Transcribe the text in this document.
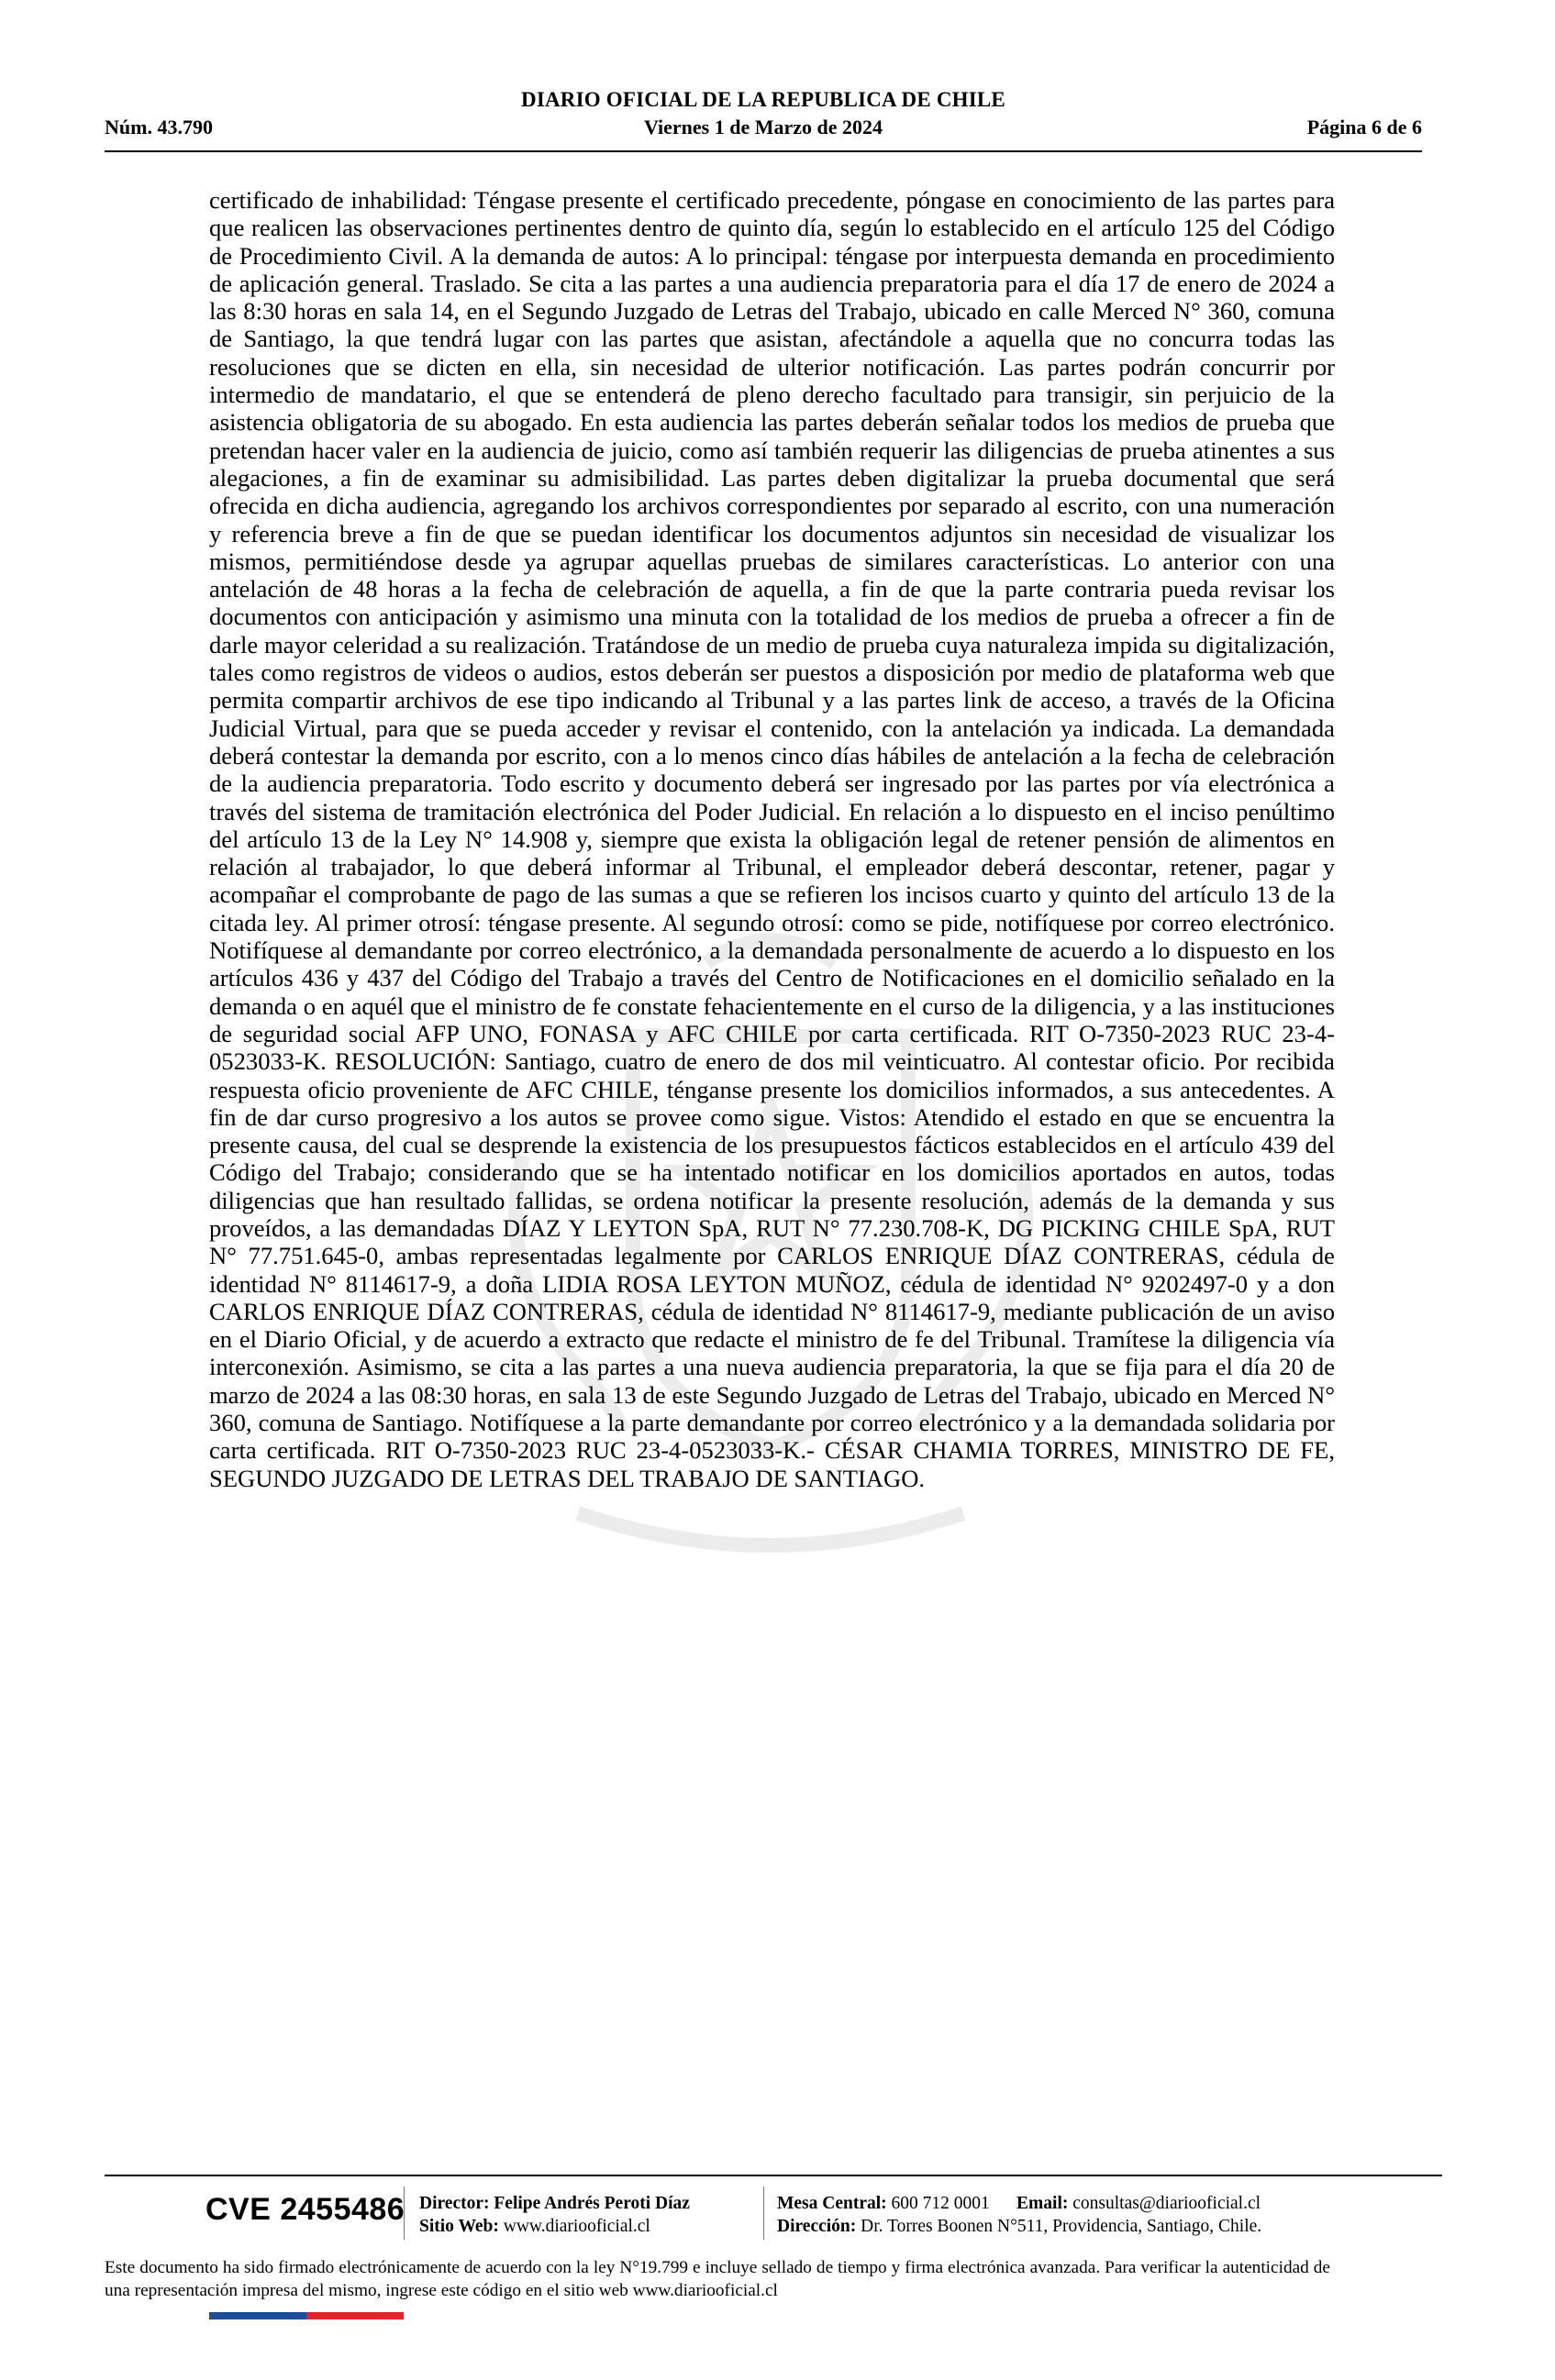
DIARIO OFICIAL DE LA REPUBLICA DE CHILE
Núm. 43.790	Viernes 1 de Marzo de 2024	Página 6 de 6

certificado de inhabilidad: Téngase presente el certificado precedente, póngase en conocimiento de las partes para que realicen las observaciones pertinentes dentro de quinto día, según lo establecido en el artículo 125 del Código de Procedimiento Civil. A la demanda de autos: A lo principal: téngase por interpuesta demanda en procedimiento de aplicación general. Traslado. Se cita a las partes a una audiencia preparatoria para el día 17 de enero de 2024 a las 8:30 horas en sala 14, en el Segundo Juzgado de Letras del Trabajo, ubicado en calle Merced N° 360, comuna de Santiago, la que tendrá lugar con las partes que asistan, afectándole a aquella que no concurra todas las resoluciones que se dicten en ella, sin necesidad de ulterior notificación. Las partes podrán concurrir por intermedio de mandatario, el que se entenderá de pleno derecho facultado para transigir, sin perjuicio de la asistencia obligatoria de su abogado. En esta audiencia las partes deberán señalar todos los medios de prueba que pretendan hacer valer en la audiencia de juicio, como así también requerir las diligencias de prueba atinentes a sus alegaciones, a fin de examinar su admisibilidad. Las partes deben digitalizar la prueba documental que será ofrecida en dicha audiencia, agregando los archivos correspondientes por separado al escrito, con una numeración y referencia breve a fin de que se puedan identificar los documentos adjuntos sin necesidad de visualizar los mismos, permitiéndose desde ya agrupar aquellas pruebas de similares características. Lo anterior con una antelación de 48 horas a la fecha de celebración de aquella, a fin de que la parte contraria pueda revisar los documentos con anticipación y asimismo una minuta con la totalidad de los medios de prueba a ofrecer a fin de darle mayor celeridad a su realización. Tratándose de un medio de prueba cuya naturaleza impida su digitalización, tales como registros de videos o audios, estos deberán ser puestos a disposición por medio de plataforma web que permita compartir archivos de ese tipo indicando al Tribunal y a las partes link de acceso, a través de la Oficina Judicial Virtual, para que se pueda acceder y revisar el contenido, con la antelación ya indicada. La demandada deberá contestar la demanda por escrito, con a lo menos cinco días hábiles de antelación a la fecha de celebración de la audiencia preparatoria. Todo escrito y documento deberá ser ingresado por las partes por vía electrónica a través del sistema de tramitación electrónica del Poder Judicial. En relación a lo dispuesto en el inciso penúltimo del artículo 13 de la Ley N° 14.908 y, siempre que exista la obligación legal de retener pensión de alimentos en relación al trabajador, lo que deberá informar al Tribunal, el empleador deberá descontar, retener, pagar y acompañar el comprobante de pago de las sumas a que se refieren los incisos cuarto y quinto del artículo 13 de la citada ley. Al primer otrosí: téngase presente. Al segundo otrosí: como se pide, notifíquese por correo electrónico. Notifíquese al demandante por correo electrónico, a la demandada personalmente de acuerdo a lo dispuesto en los artículos 436 y 437 del Código del Trabajo a través del Centro de Notificaciones en el domicilio señalado en la demanda o en aquél que el ministro de fe constate fehacientemente en el curso de la diligencia, y a las instituciones de seguridad social AFP UNO, FONASA y AFC CHILE por carta certificada. RIT O-7350-2023 RUC 23-4-0523033-K. RESOLUCIÓN: Santiago, cuatro de enero de dos mil veinticuatro. Al contestar oficio. Por recibida respuesta oficio proveniente de AFC CHILE, ténganse presente los domicilios informados, a sus antecedentes. A fin de dar curso progresivo a los autos se provee como sigue. Vistos: Atendido el estado en que se encuentra la presente causa, del cual se desprende la existencia de los presupuestos fácticos establecidos en el artículo 439 del Código del Trabajo; considerando que se ha intentado notificar en los domicilios aportados en autos, todas diligencias que han resultado fallidas, se ordena notificar la presente resolución, además de la demanda y sus proveídos, a las demandadas DÍAZ Y LEYTON SpA, RUT N° 77.230.708-K, DG PICKING CHILE SpA, RUT N° 77.751.645-0, ambas representadas legalmente por CARLOS ENRIQUE DÍAZ CONTRERAS, cédula de identidad N° 8114617-9, a doña LIDIA ROSA LEYTON MUÑOZ, cédula de identidad N° 9202497-0 y a don CARLOS ENRIQUE DÍAZ CONTRERAS, cédula de identidad N° 8114617-9, mediante publicación de un aviso en el Diario Oficial, y de acuerdo a extracto que redacte el ministro de fe del Tribunal. Tramítese la diligencia vía interconexión. Asimismo, se cita a las partes a una nueva audiencia preparatoria, la que se fija para el día 20 de marzo de 2024 a las 08:30 horas, en sala 13 de este Segundo Juzgado de Letras del Trabajo, ubicado en Merced N° 360, comuna de Santiago. Notifíquese a la parte demandante por correo electrónico y a la demandada solidaria por carta certificada. RIT O-7350-2023 RUC 23-4-0523033-K.- CÉSAR CHAMIA TORRES, MINISTRO DE FE, SEGUNDO JUZGADO DE LETRAS DEL TRABAJO DE SANTIAGO.

CVE 2455486 Director: Felipe Andrés Peroti Díaz
Sitio Web: www.diariooficial.cl
Mesa Central: 600 712 0001 Email: consultas@diariooficial.cl
Dirección: Dr. Torres Boonen N°511, Providencia, Santiago, Chile.
Este documento ha sido firmado electrónicamente de acuerdo con la ley N°19.799 e incluye sellado de tiempo y firma electrónica avanzada. Para verificar la autenticidad de una representación impresa del mismo, ingrese este código en el sitio web www.diariooficial.cl
